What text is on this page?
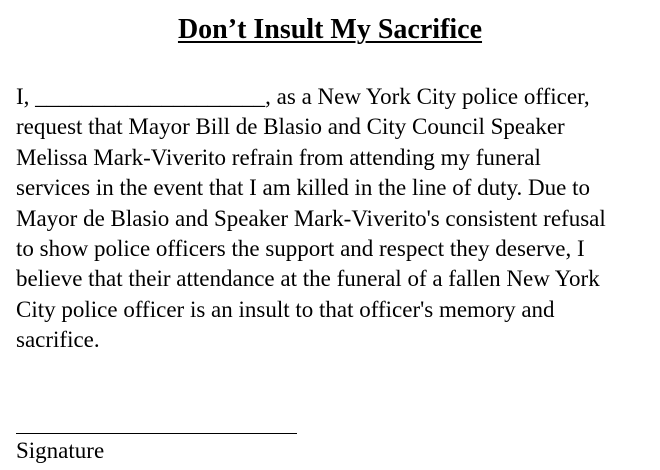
Don’t Insult My Sacrifice
I, ____________________, as a New York City police officer,
request that Mayor Bill de Blasio and City Council Speaker
Melissa Mark-Viverito refrain from attending my funeral
services in the event that I am killed in the line of duty. Due to
Mayor de Blasio and Speaker Mark-Viverito's consistent refusal
to show police officers the support and respect they deserve, I
believe that their attendance at the funeral of a fallen New York
City police officer is an insult to that officer's memory and
sacrifice.
Signature
